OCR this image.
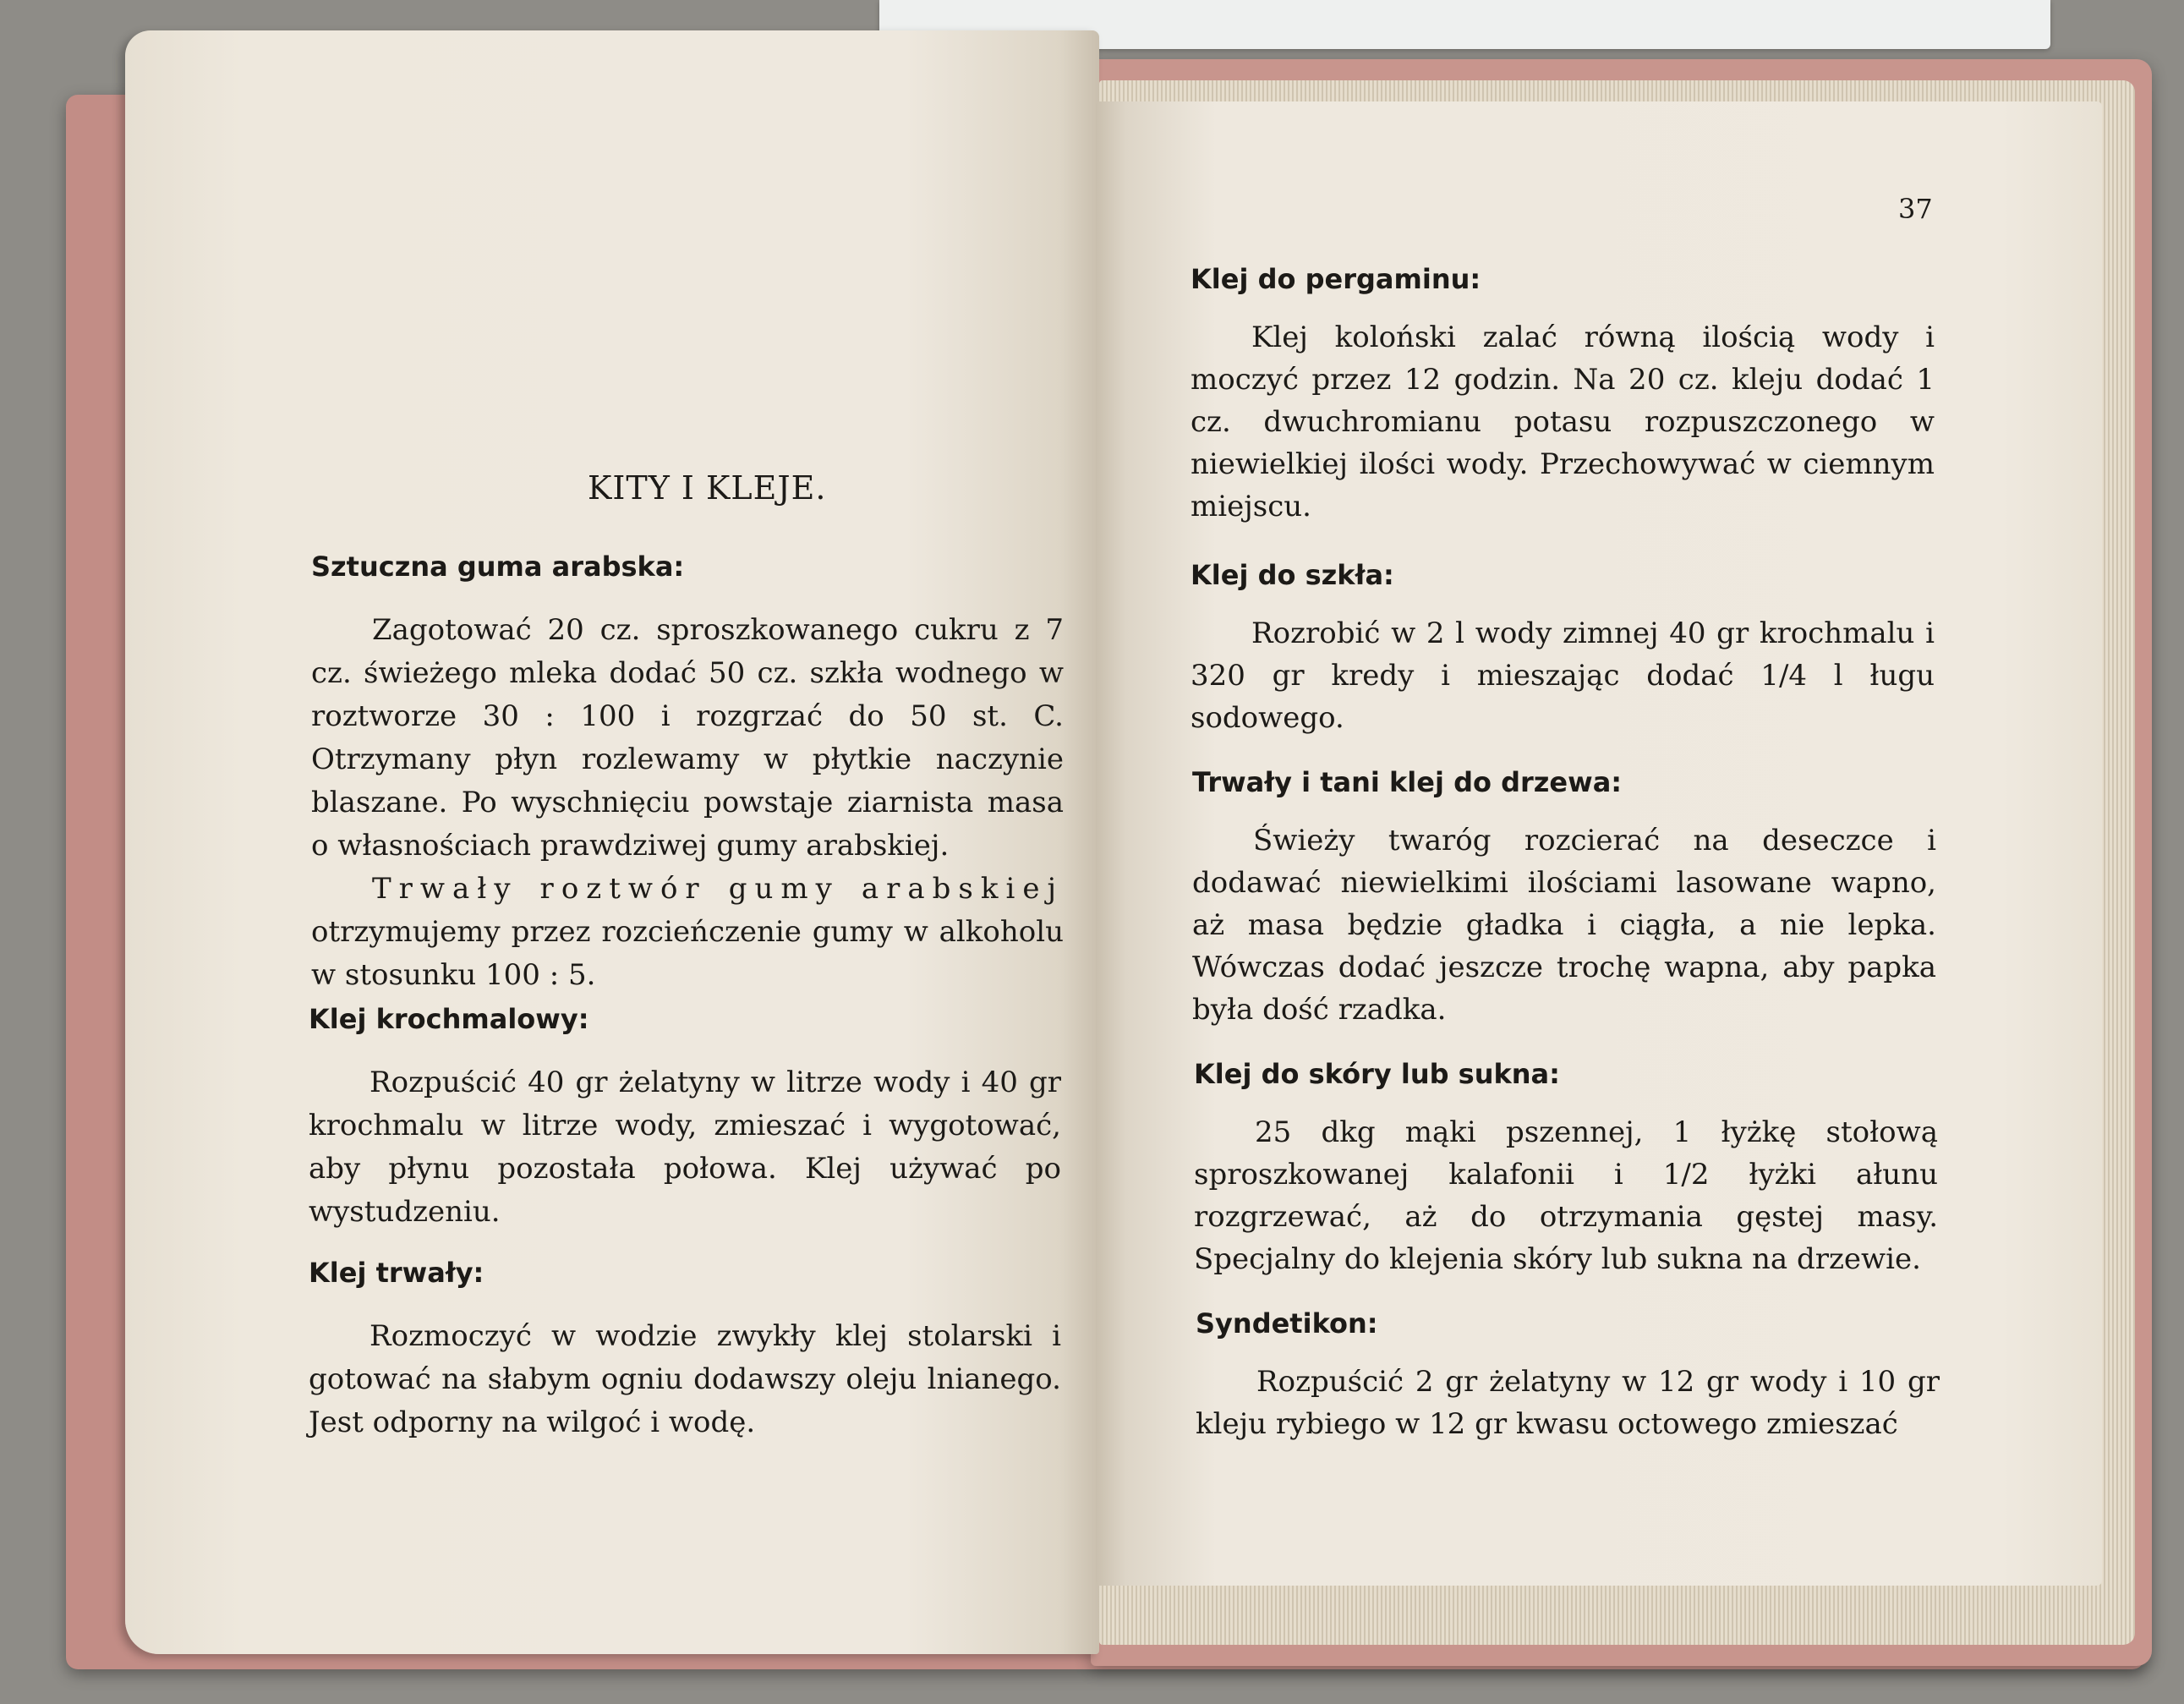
KITY I KLEJE.

Sztuczna guma arabska:

Zagotować 20 cz. sproszkowanego cukru z 7 cz. świeżego mleka dodać 50 cz. szkła wodnego w roztworze 30 : 100 i rozgrzać do 50 st. C. Otrzymany płyn rozlewamy w płytkie naczynie blaszane. Po wyschnięciu powstaje ziarnista masa o własnościach prawdziwej gumy arabskiej.

Trwały roztwór gumy arabskiej otrzymujemy przez rozcieńczenie gumy w alkoholu w stosunku 100 : 5.

Klej krochmalowy:

Rozpuścić 40 gr żelatyny w litrze wody i 40 gr krochmalu w litrze wody, zmieszać i wygotować, aby płynu pozostała połowa. Klej używać po wystudzeniu.

Klej trwały:

Rozmoczyć w wodzie zwykły klej stolarski i gotować na słabym ogniu dodawszy oleju lnianego. Jest odporny na wilgoć i wodę.

37

Klej do pergaminu:

Klej koloński zalać równą ilością wody i moczyć przez 12 godzin. Na 20 cz. kleju dodać 1 cz. dwuchromianu potasu rozpuszczonego w niewielkiej ilości wody. Przechowywać w ciemnym miejscu.

Klej do szkła:

Rozrobić w 2 l wody zimnej 40 gr krochmalu i 320 gr kredy i mieszając dodać 1/4 l ługu sodowego.

Trwały i tani klej do drzewa:

Świeży twaróg rozcierać na deseczce i dodawać niewielkimi ilościami lasowane wapno, aż masa będzie gładka i ciągła, a nie lepka. Wówczas dodać jeszcze trochę wapna, aby papka była dość rzadka.

Klej do skóry lub sukna:

25 dkg mąki pszennej, 1 łyżkę stołową sproszkowanej kalafonii i 1/2 łyżki ałunu rozgrzewać, aż do otrzymania gęstej masy. Specjalny do klejenia skóry lub sukna na drzewie.

Syndetikon:

Rozpuścić 2 gr żelatyny w 12 gr wody i 10 gr kleju rybiego w 12 gr kwasu octowego zmieszać
